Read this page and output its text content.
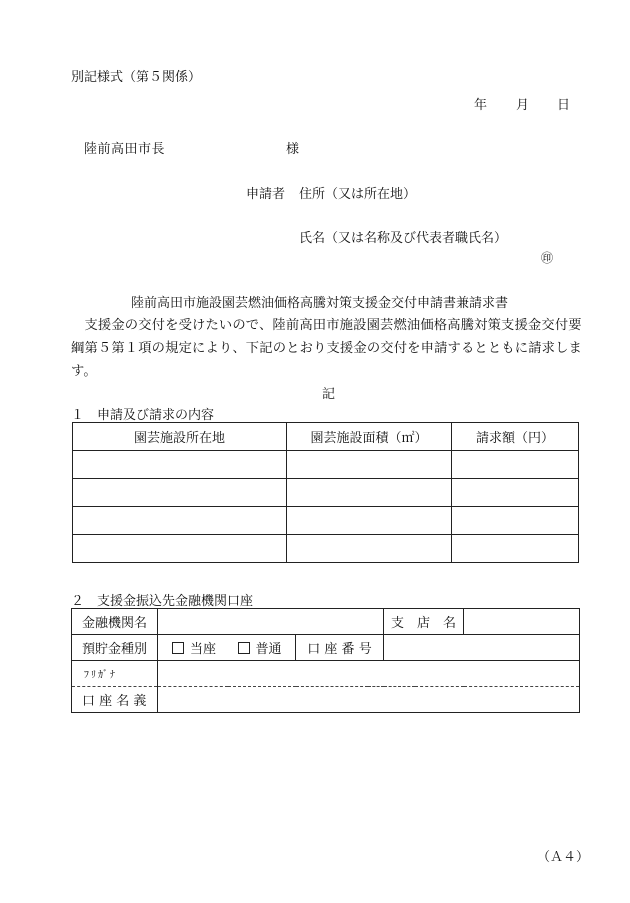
別記様式（第５関係）
年 月 日
陸前高田市長	様
申請者 住所（又は所在地）
氏名（又は名称及び代表者職氏名）
㊞
陸前高田市施設園芸燃油価格高騰対策支援金交付申請書兼請求書
　支援金の交付を受けたいので、陸前高田市施設園芸燃油価格高騰対策支援金交付要綱第５第１項の規定により、下記のとおり支援金の交付を申請するとともに請求します。
記
１　申請及び請求の内容
園芸施設所在地	園芸施設面積（㎡）	請求額（円）

２　支援金振込先金融機関口座
金融機関名				支　店　名	
預貯金種別	当座	普通	口 座 番 号		
ﾌﾘｶﾞﾅ					
口 座 名 義					
（Ａ４）
